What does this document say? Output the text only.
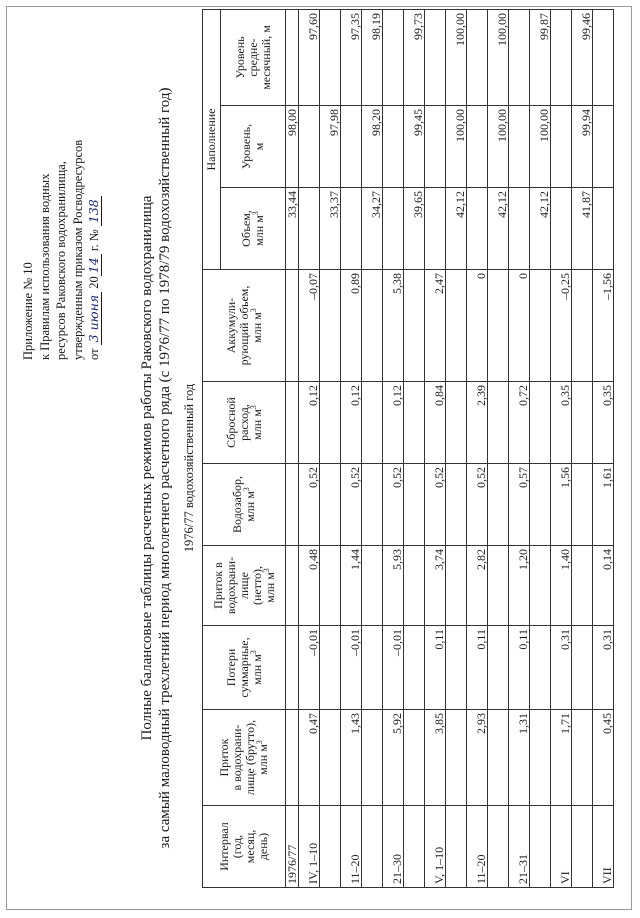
Приложение № 10 к Правилам использования водных ресурсов Раковского водохранилища, утвержденным приказом Росводресурсов от 3 июня 2014 г. № 138	Полные балансовые таблицы расчетных режимов работы Раковского водохранилища за самый маловодный трехлетний период многолетнего расчетного ряда (с 1976/77 по 1978/79 водохозяйственный год) 1976/77 водохозяйственный год
Интервал
(год,
месяц,
день)	Приток
в водохрани-
лище (брутто),
млн $м^3$	Потери
суммарные,
млн $м^3$	Приток в
водохрани-
лище
(нетто),
млн $м^3$	Водозабор,
млн $м^3$	Сбросной
расход,
млн $м^3$	Аккумули-
рующий объем,
млн $м^3$	Наполнение		
							Объем,
млн $м^3$	Уровень,
м	Уровень
средне-
месячный, м
1976/77							33,44	98,00	
IV, 1–10	0,47	–0,01	0,48	0,52	0,12	–0,07			97,60
							33,37	97,98	
11–20	1,43	–0,01	1,44	0,52	0,12	0,89			97,35
							34,27	98,20	98,19
21–30	5,92	–0,01	5,93	0,52	0,12	5,38			
							39,65	99,45	99,73
V, 1–10	3,85	0,11	3,74	0,52	0,84	2,47			
							42,12	100,00	100,00
11–20	2,93	0,11	2,82	0,52	2,39	0			
							42,12	100,00	100,00
21–31	1,31	0,11	1,20	0,57	0,72	0			
							42,12	100,00	99,87
VI	1,71	0,31	1,40	1,56	0,35	–0,25			
							41,87	99,94	99,46
VII	0,45	0,31	0,14	1,61	0,35	–1,56			
